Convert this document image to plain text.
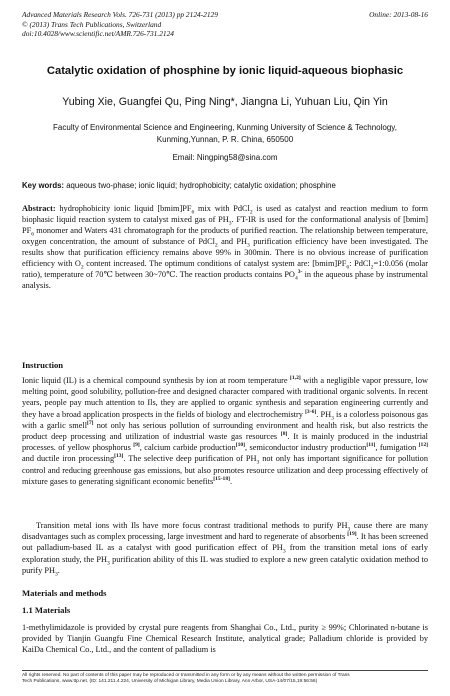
Advanced Materials Research Vols. 726-731 (2013) pp 2124-2129
© (2013) Trans Tech Publications, Switzerland
doi:10.4028/www.scientific.net/AMR.726-731.2124
Online: 2013-08-16
Catalytic oxidation of phosphine by ionic liquid-aqueous biophasic
Yubing Xie, Guangfei Qu, Ping Ning*, Jiangna Li, Yuhuan Liu, Qin Yin
Faculty of Environmental Science and Engineering, Kunming University of Science & Technology,
Kunming,Yunnan, P. R. China, 650500
Email: Ningping58@sina.com
Key words: aqueous two-phase; ionic liquid; hydrophobicity; catalytic oxidation; phosphine
Abstract: hydrophobicity ionic liquid $[bmim]PF_6$ mix with PdCl$_2$ is used as catalyst and reaction medium to form biophasic liquid reaction system to catalyst mixed gas of $PH_3$. FT-IR is used for the conformational analysis of [bmim] $PF_6$ monomer and Waters 431 chromatograph for the products of purified reaction. The relationship between temperature, oxygen concentration, the amount of substance of PdCl$_2$ and $PH_3$ purification efficiency have been investigated. The results show that purification efficiency remains above 99% in 300min. There is no obvious increase of purification efficiency with $O_2$ content increased. The optimum conditions of catalyst system are: $[bmim]PF_6$: PdCl$_2$=1:0.056 (molar ratio), temperature of 70℃ between 30~70℃. The reaction products contains $PO_4^{3-}$ in the aqueous phase by instrumental analysis.
Instruction
Ionic liquid (IL) is a chemical compound synthesis by ion at room temperature [1,2] with a negligible vapor pressure, low melting point, good solubility, pollution-free and designed character compared with traditional organic solvents. In recent years, people pay much attention to Ils, they are applied to organic synthesis and separation engineering currently and they have a broad application prospects in the fields of biology and electrochemistry [3-6]. $PH_3$ is a colorless poisonous gas with a garlic smell[7] not only has serious pollution of surrounding environment and health risk, but also restricts the product deep processing and utilization of industrial waste gas resources [8]. It is mainly produced in the industrial processes. of yellow phosphorus [9], calcium carbide production[10], semiconductor industry production[11], fumigation [12] and ductile iron processing[13]. The selective deep purification of $PH_3$ not only has important significance for pollution control and reducing greenhouse gas emissions, but also promotes resource utilization and deep processing effectively of mixture gases to generating significant economic benefits[15-18].
Transition metal ions with Ils have more focus contrast traditional methods to purify $PH_3$ cause there are many disadvantages such as complex processing, large investment and hard to regenerate of absorbents [19]. It has been screened out palladium-based IL as a catalyst with good purification effect of $PH_3$ from the transition metal ions of early exploration study, the $PH_3$ purification ability of this IL was studied to explore a new green catalytic oxidation method to purify $PH_3$.
Materials and methods
1.1 Materials
1-methylimidazole is provided by crystal pure reagents from Shanghai Co., Ltd., purity ≥ 99%; Chlorinated n-butane is provided by Tianjin Guangfu Fine Chemical Research Institute, analytical grade; Palladium chloride is provided by KaiDa Chemical Co., Ltd., and the content of palladium is
All rights reserved. No part of contents of this paper may be reproduced or transmitted in any form or by any means without the written permission of Trans
Tech Publications, www.ttp.net. (ID: 141.211.4.224, University of Michigan Library, Media Union Library, Ann Arbor, USA-14/07/15,19:56:56)
